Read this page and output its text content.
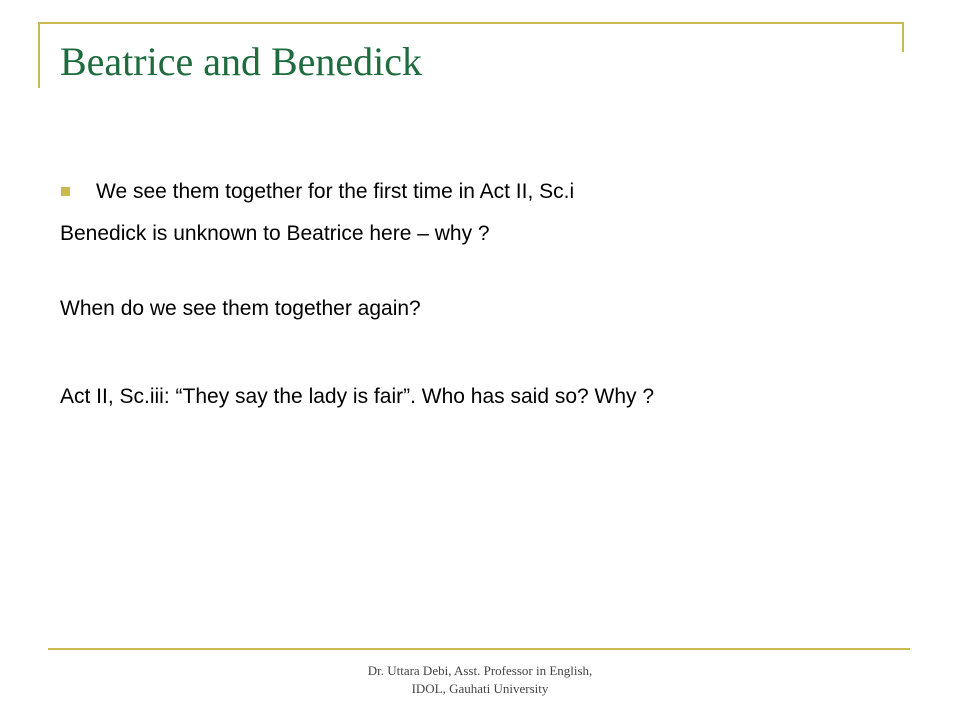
Beatrice and Benedick
We see them together for the first time in Act II, Sc.i
Benedick is unknown to Beatrice here – why ?
When do we see them together again?
Act II, Sc.iii: “They say the lady is fair”. Who has said so? Why ?
Dr. Uttara Debi, Asst. Professor in English,
IDOL, Gauhati University
